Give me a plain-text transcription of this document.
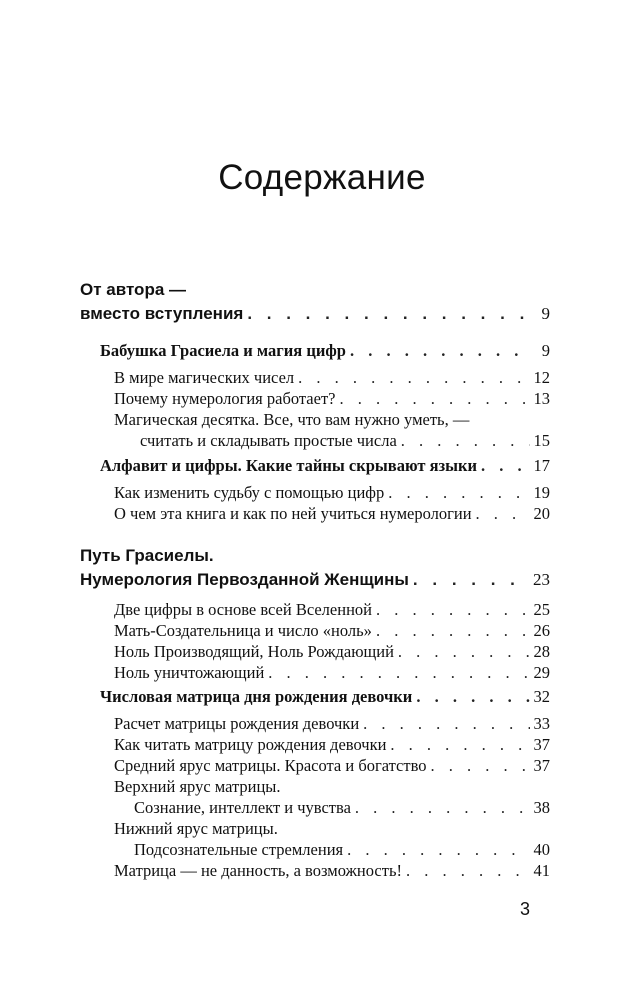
Содержание
От автора —
вместо вступления . . .	9
Бабушка Грасиела и магия цифр . . .	9
В мире магических чисел . . .	12
Почему нумерология работает? . . .	13
Магическая десятка. Все, что вам нужно уметь, —
считать и складывать простые числа . . .	15
Алфавит и цифры. Какие тайны скрывают языки . . .	17
Как изменить судьбу с помощью цифр . . .	19
О чем эта книга и как по ней учиться нумерологии . . .	20
Путь Грасиелы.
Нумерология Первозданной Женщины . . .	23
Две цифры в основе всей Вселенной . . .	25
Мать-Создательница и число «ноль» . . .	26
Ноль Производящий, Ноль Рождающий . . .	28
Ноль уничтожающий . . .	29
Числовая матрица дня рождения девочки . . .	32
Расчет матрицы рождения девочки . . .	33
Как читать матрицу рождения девочки . . .	37
Средний ярус матрицы. Красота и богатство . . .	37
Верхний ярус матрицы.
Сознание, интеллект и чувства . . .	38
Нижний ярус матрицы.
Подсознательные стремления . . .	40
Матрица — не данность, а возможность! . . .	41
3
